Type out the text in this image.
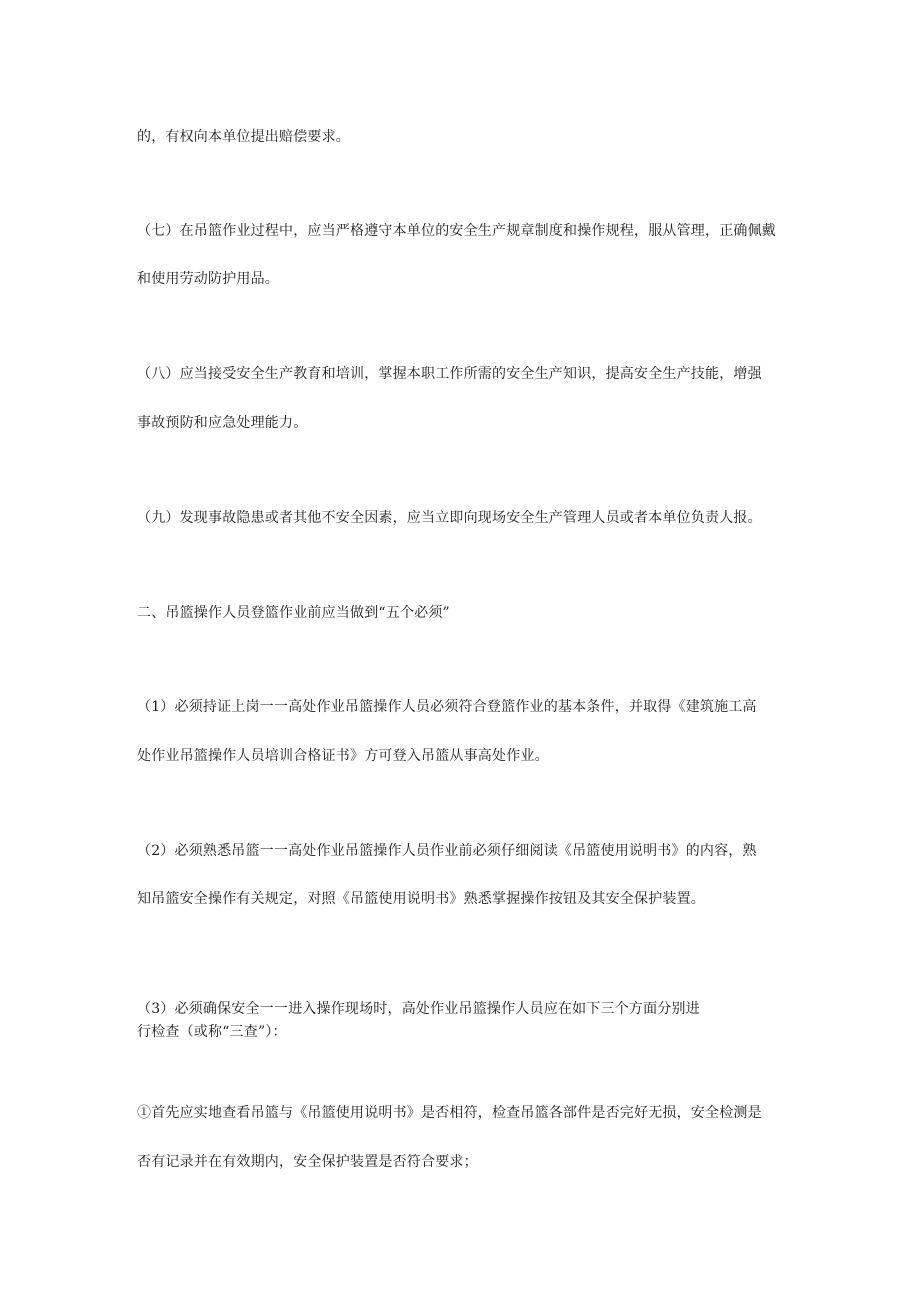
的，有权向本单位提出赔偿要求。
（七）在吊篮作业过程中，应当严格遵守本单位的安全生产规章制度和操作规程，服从管理，正确佩戴
和使用劳动防护用品。
（八）应当接受安全生产教育和培训，掌握本职工作所需的安全生产知识，提高安全生产技能，增强
事故预防和应急处理能力。
（九）发现事故隐患或者其他不安全因素，应当立即向现场安全生产管理人员或者本单位负责人报。
二、吊篮操作人员登篮作业前应当做到“五个必须”
（1）必须持证上岗一一高处作业吊篮操作人员必须符合登篮作业的基本条件，并取得《建筑施工高
处作业吊篮操作人员培训合格证书》方可登入吊篮从事高处作业。
（2）必须熟悉吊篮一一高处作业吊篮操作人员作业前必须仔细阅读《吊篮使用说明书》的内容，熟
知吊篮安全操作有关规定，对照《吊篮使用说明书》熟悉掌握操作按钮及其安全保护装置。
（3）必须确保安全一一进入操作现场时，高处作业吊篮操作人员应在如下三个方面分别进
行检查（或称“三查”）：
①首先应实地查看吊篮与《吊篮使用说明书》是否相符，检查吊篮各部件是否完好无损，安全检测是
否有记录并在有效期内，安全保护装置是否符合要求；
